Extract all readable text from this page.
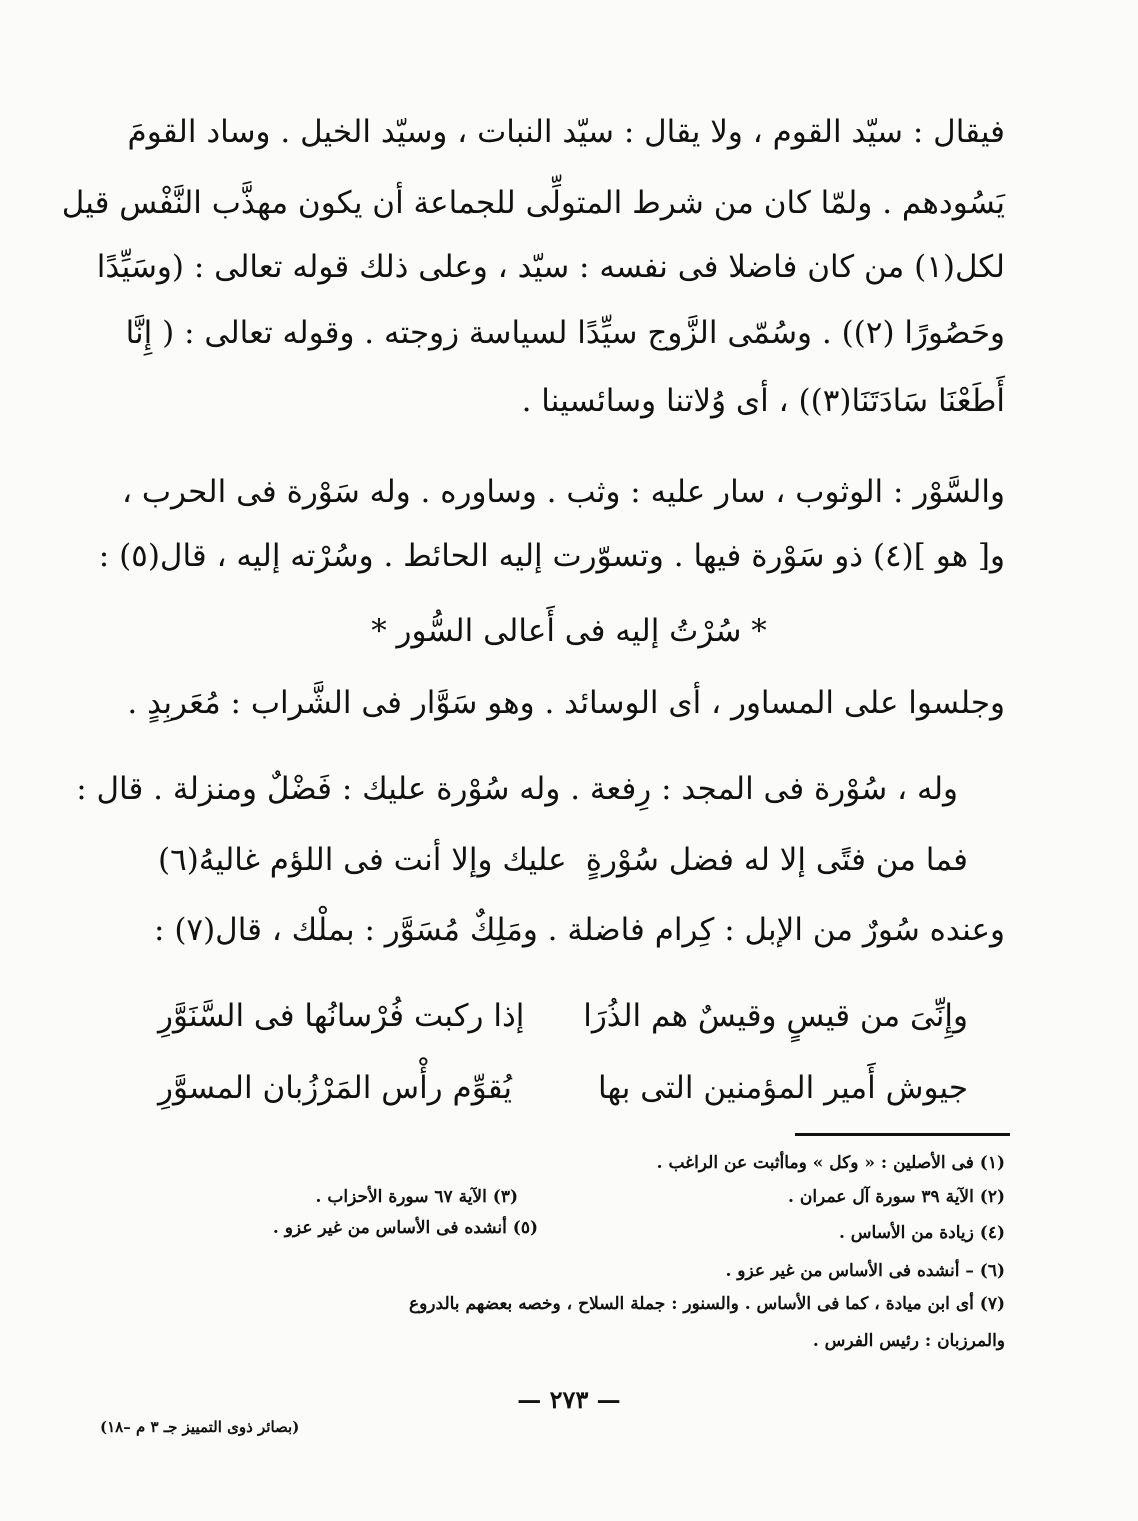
فيقال : سيّد القوم ، ولا يقال : سيّد النبات ، وسيّد الخيل . وساد القومَ
يَسُودهم . ولمّا كان من شرط المتولِّى للجماعة أن يكون مهذَّب النَّفْس قيل
لكل(١) من كان فاضلا فى نفسه : سيّد ، وعلى ذلك قوله تعالى : (وسَيِّدًا
وحَصُورًا (٢)) . وسُمّى الزَّوج سيِّدًا لسياسة زوجته . وقوله تعالى : ( إِنَّا
أَطَعْنَا سَادَتَنَا(٣)) ، أى وُلاتنا وسائسينا .
والسَّوْر : الوثوب ، سار عليه : وثب . وساوره . وله سَوْرة فى الحرب ،
و[ هو ](٤) ذو سَوْرة فيها . وتسوّرت إليه الحائط . وسُرْته إليه ، قال(٥) :
* سُرْتُ إليه فى أَعالى السُّور *
وجلسوا على المساور ، أى الوسائد . وهو سَوَّار فى الشَّراب : مُعَربِدٍ .
وله ، سُوْرة فى المجد : رِفعة . وله سُوْرة عليك : فَضْلٌ ومنزلة . قال :
فما من فتًى إلا له فضل سُوْرةٍ
عليك وإلا أنت فى اللؤم غاليهُ(٦)
وعنده سُورٌ من الإبل : كِرام فاضلة . ومَلِكٌ مُسَوَّر : بملْك ، قال(٧) :
وإِنِّىَ من قيسٍ وقيسٌ هم الذُرَا
إذا ركبت فُرْسانُها فى السَّنَوَّرِ
جيوش أَمير المؤمنين التى بها
يُقوِّم رأْس المَرْزُبان المسوَّرِ
(١) فى الأصلين : « وكل » وماأثبت عن الراغب .
(٢) الآية ٣٩ سورة آل عمران .
(٣) الآية ٦٧ سورة الأحزاب .
(٤) زيادة من الأساس .
(٥) أنشده فى الأساس من غير عزو .
(٦) – أنشده فى الأساس من غير عزو .
(٧) أى ابن ميادة ، كما فى الأساس . والسنور : جملة السلاح ، وخصه بعضهم بالدروع
والمرزبان : رئيس الفرس .
— ٢٧٣ —
(بصائر ذوى التمييز جـ ٣ م –١٨)
